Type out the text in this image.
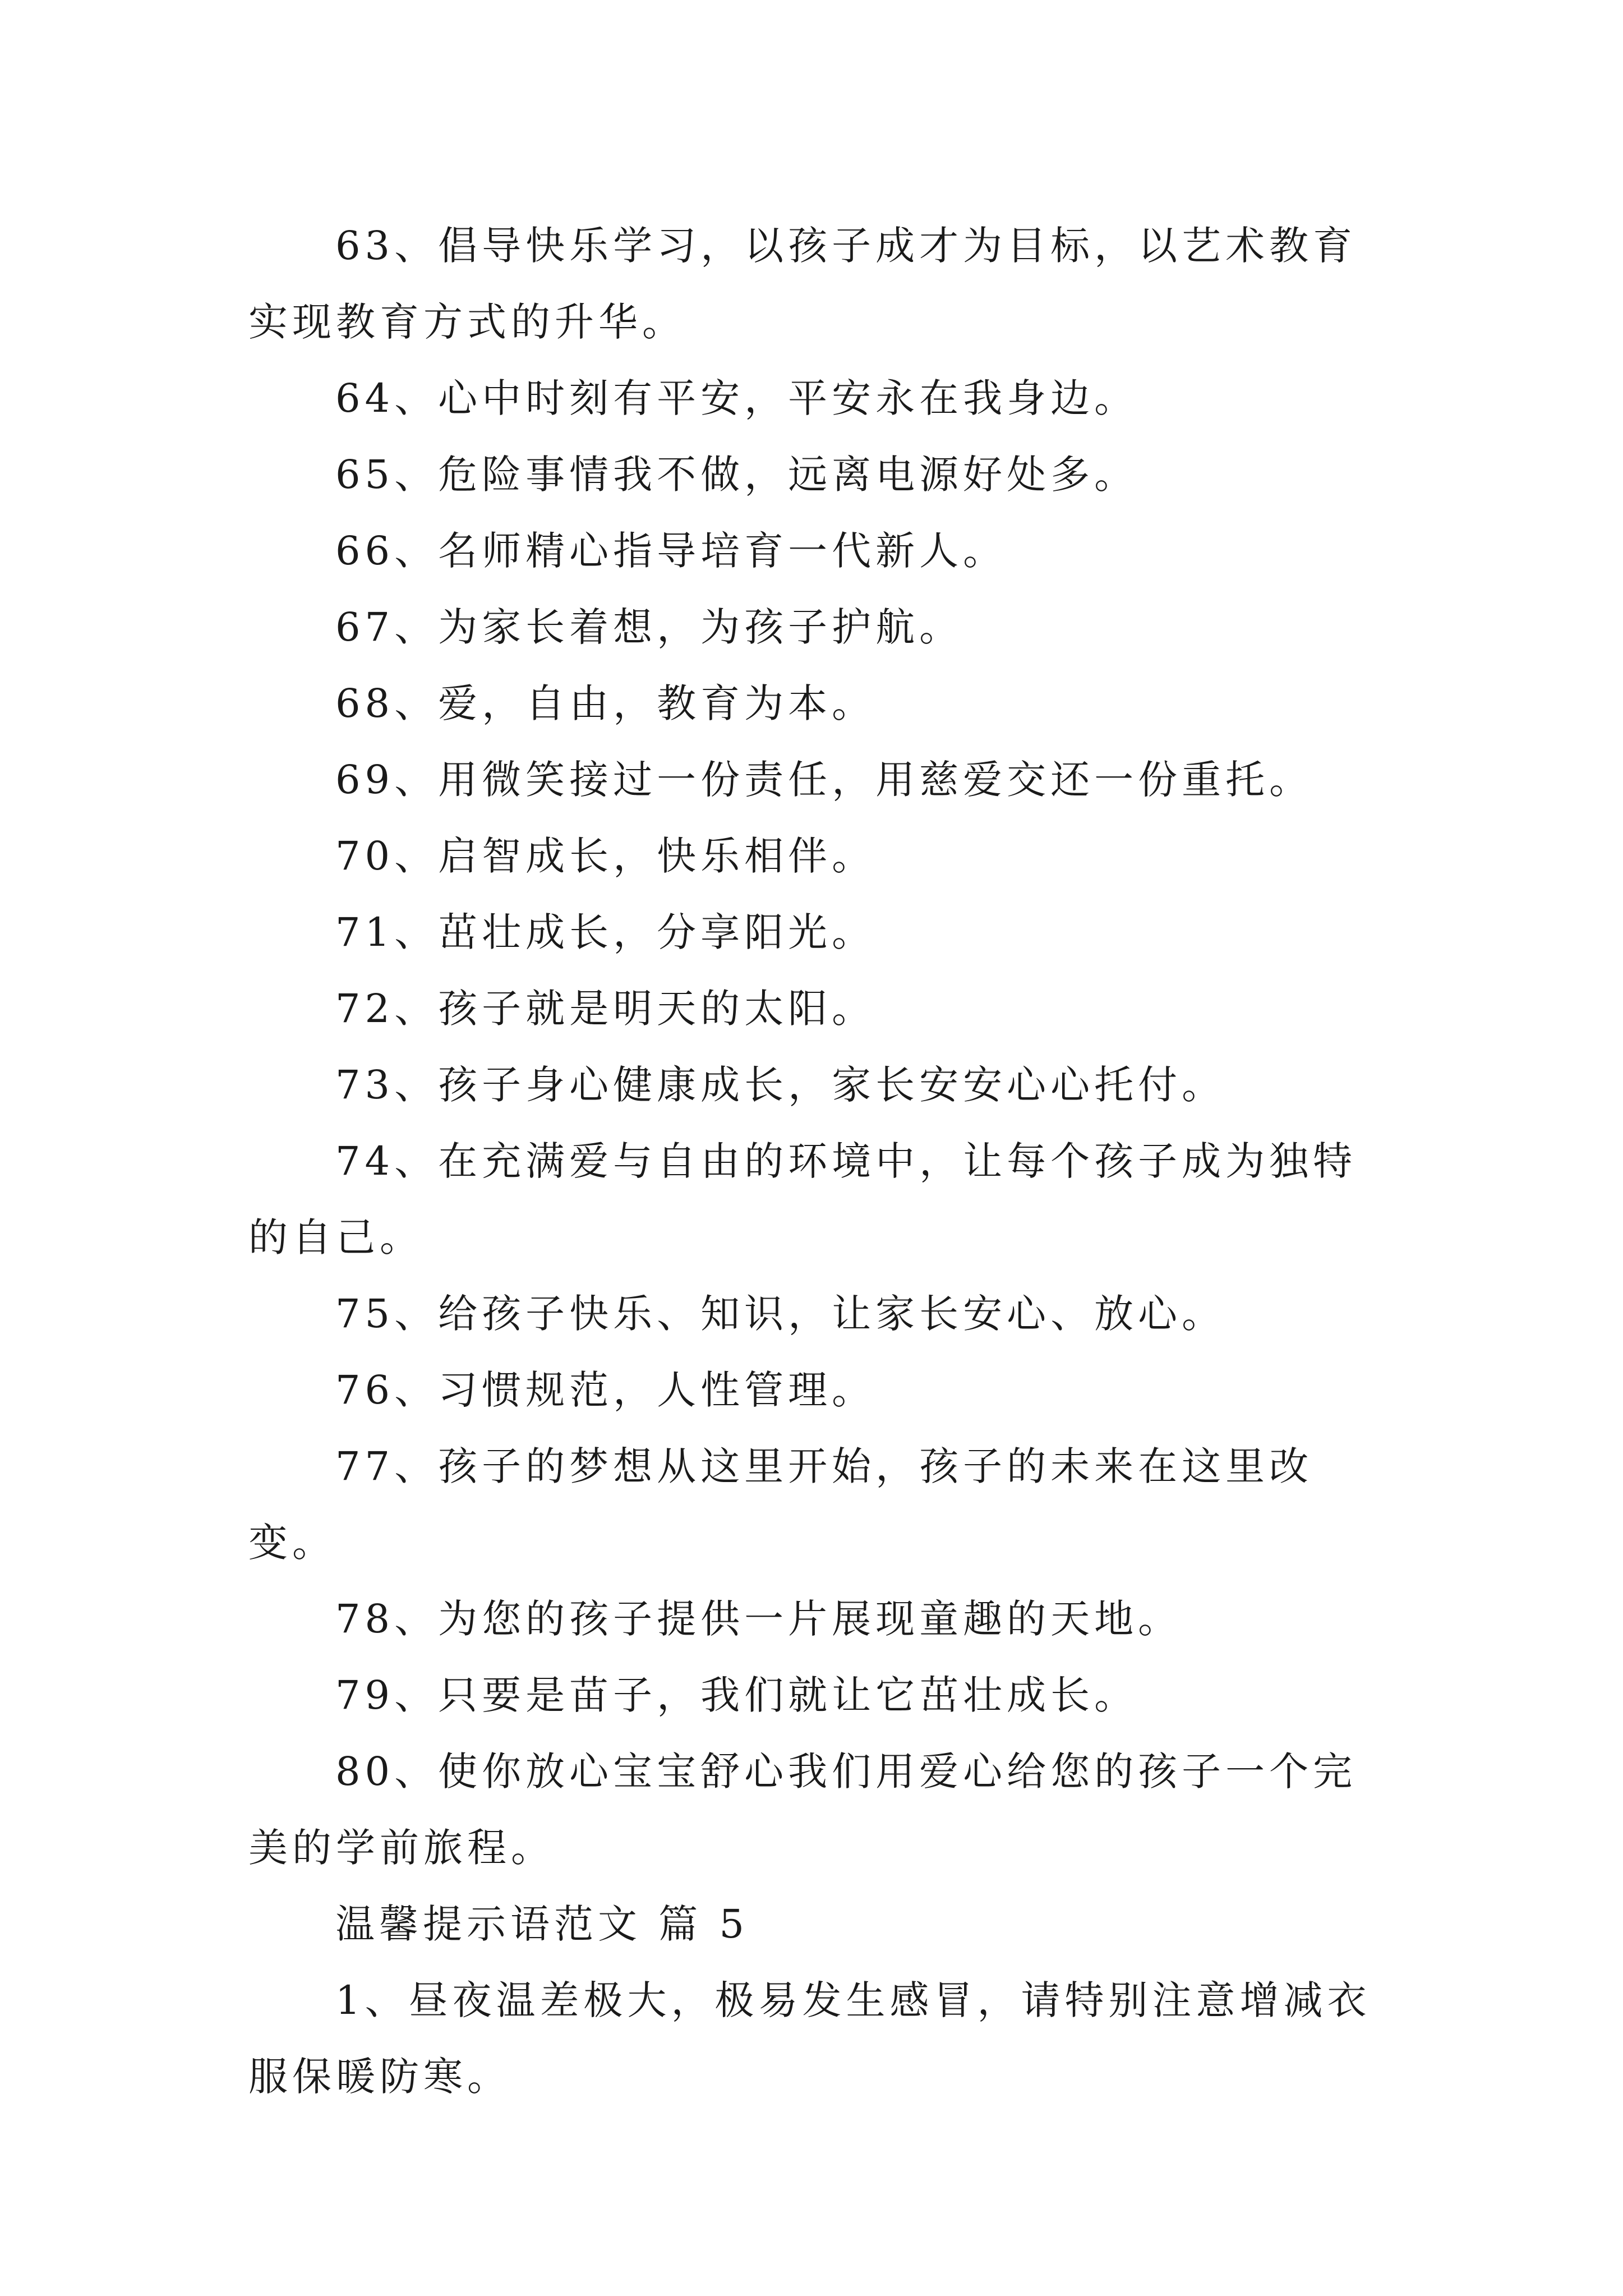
63、倡导快乐学习，以孩子成才为目标，以艺术教育实现教育方式的升华。

64、心中时刻有平安，平安永在我身边。

65、危险事情我不做，远离电源好处多。

66、名师精心指导培育一代新人。

67、为家长着想，为孩子护航。

68、爱，自由，教育为本。

69、用微笑接过一份责任，用慈爱交还一份重托。

70、启智成长，快乐相伴。

71、茁壮成长，分享阳光。

72、孩子就是明天的太阳。

73、孩子身心健康成长，家长安安心心托付。

74、在充满爱与自由的环境中，让每个孩子成为独特的自己。

75、给孩子快乐、知识，让家长安心、放心。

76、习惯规范，人性管理。

77、孩子的梦想从这里开始，孩子的未来在这里改变。

78、为您的孩子提供一片展现童趣的天地。

79、只要是苗子，我们就让它茁壮成长。

80、使你放心宝宝舒心我们用爱心给您的孩子一个完美的学前旅程。

温馨提示语范文 篇 5

1、昼夜温差极大，极易发生感冒，请特别注意增减衣服保暖防寒。
